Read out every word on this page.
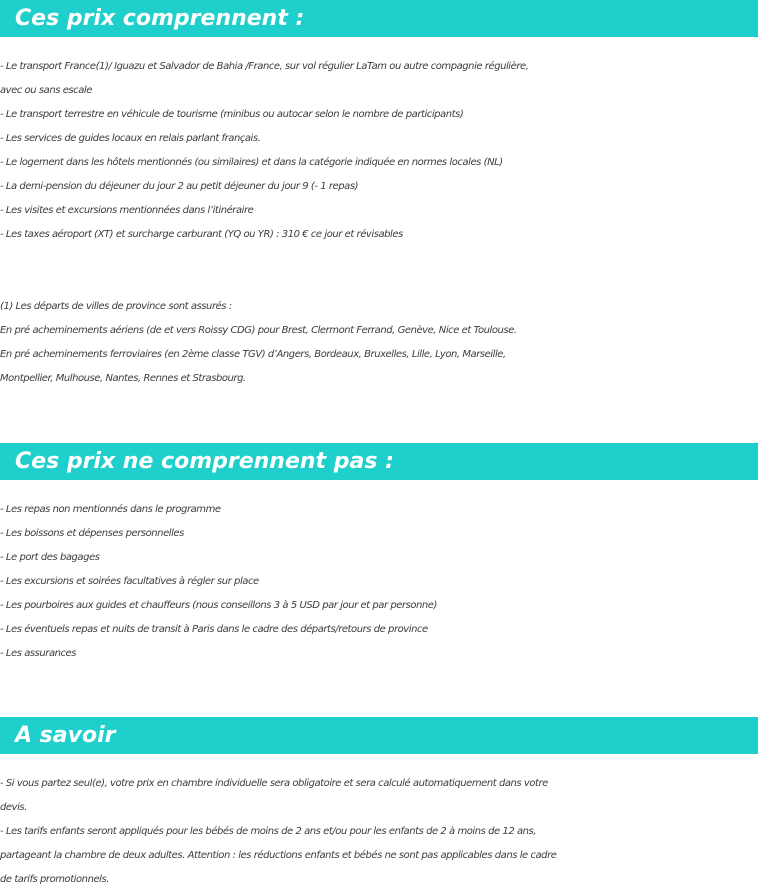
Ces prix comprennent :
- Le transport France(1)/ Iguazu et Salvador de Bahia /France, sur vol régulier LaTam ou autre compagnie régulière,
avec ou sans escale
- Le transport terrestre en véhicule de tourisme (minibus ou autocar selon le nombre de participants)
- Les services de guides locaux en relais parlant français.
- Le logement dans les hôtels mentionnés (ou similaires) et dans la catégorie indiquée en normes locales (NL)
- La demi-pension du déjeuner du jour 2 au petit déjeuner du jour 9 (- 1 repas)
- Les visites et excursions mentionnées dans l’itinéraire
- Les taxes aéroport (XT) et surcharge carburant (YQ ou YR) : 310 € ce jour et révisables
(1) Les départs de villes de province sont assurés :
En pré acheminements aériens (de et vers Roissy CDG) pour Brest, Clermont Ferrand, Genève, Nice et Toulouse.
En pré acheminements ferroviaires (en 2ème classe TGV) d’Angers, Bordeaux, Bruxelles, Lille, Lyon, Marseille,
Montpellier, Mulhouse, Nantes, Rennes et Strasbourg.
Ces prix ne comprennent pas :
- Les repas non mentionnés dans le programme
- Les boissons et dépenses personnelles
- Le port des bagages
- Les excursions et soirées facultatives à régler sur place
- Les pourboires aux guides et chauffeurs (nous conseillons 3 à 5 USD par jour et par personne)
- Les éventuels repas et nuits de transit à Paris dans le cadre des départs/retours de province
- Les assurances
A savoir
- Si vous partez seul(e), votre prix en chambre individuelle sera obligatoire et sera calculé automatiquement dans votre
devis.
- Les tarifs enfants seront appliqués pour les bébés de moins de 2 ans et/ou pour les enfants de 2 à moins de 12 ans,
partageant la chambre de deux adultes. Attention : les réductions enfants et bébés ne sont pas applicables dans le cadre
de tarifs promotionnels.
